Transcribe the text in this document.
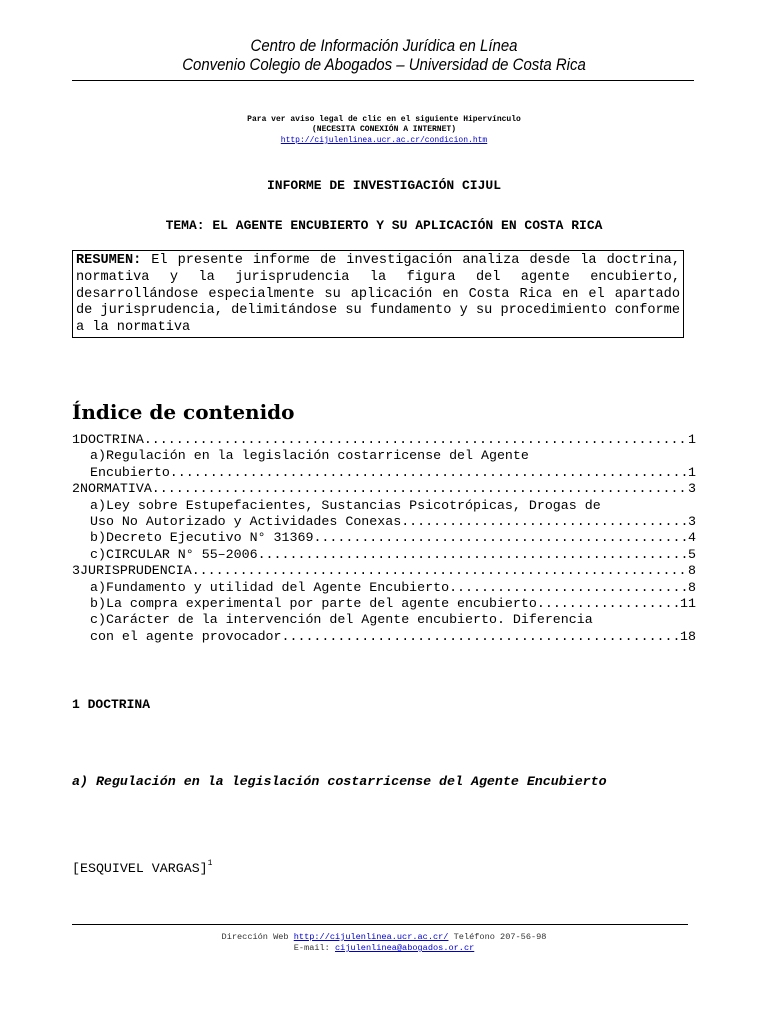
Centro de Información Jurídica en Línea
Convenio Colegio de Abogados – Universidad de Costa Rica
Para ver aviso legal de clic en el siguiente Hipervínculo
(NECESITA CONEXIÓN A INTERNET)
http://cijulenlinea.ucr.ac.cr/condicion.htm
INFORME DE INVESTIGACIÓN CIJUL
TEMA: EL AGENTE ENCUBIERTO Y SU APLICACIÓN EN COSTA RICA
RESUMEN: El presente informe de investigación analiza desde la doctrina, normativa y la jurisprudencia la figura del agente encubierto, desarrollándose especialmente su aplicación en Costa Rica en el apartado de jurisprudencia, delimitándose su fundamento y su procedimiento conforme a la normativa
Índice de contenido
1DOCTRINA .....	1
a)Regulación en la legislación costarricense del Agente
Encubierto .....	1
2NORMATIVA .....	3
a)Ley sobre Estupefacientes, Sustancias Psicotrópicas, Drogas de
Uso No Autorizado y Actividades Conexas .....	3
b)Decreto Ejecutivo N° 31369 .....	4
c)CIRCULAR N° 55–2006 .....	5
3JURISPRUDENCIA .....	8
a)Fundamento y utilidad del Agente Encubierto .....	8
b)La compra experimental por parte del agente encubierto .....	11
c)Carácter de la intervención del Agente encubierto. Diferencia
con el agente provocador .....	18
1 DOCTRINA
a) Regulación en la legislación costarricense del Agente Encubierto
[ESQUIVEL VARGAS]$^1$
Dirección Web http://cijulenlinea.ucr.ac.cr/ Teléfono 207-56-98
E-mail: cijulenlinea@abogados.or.cr
